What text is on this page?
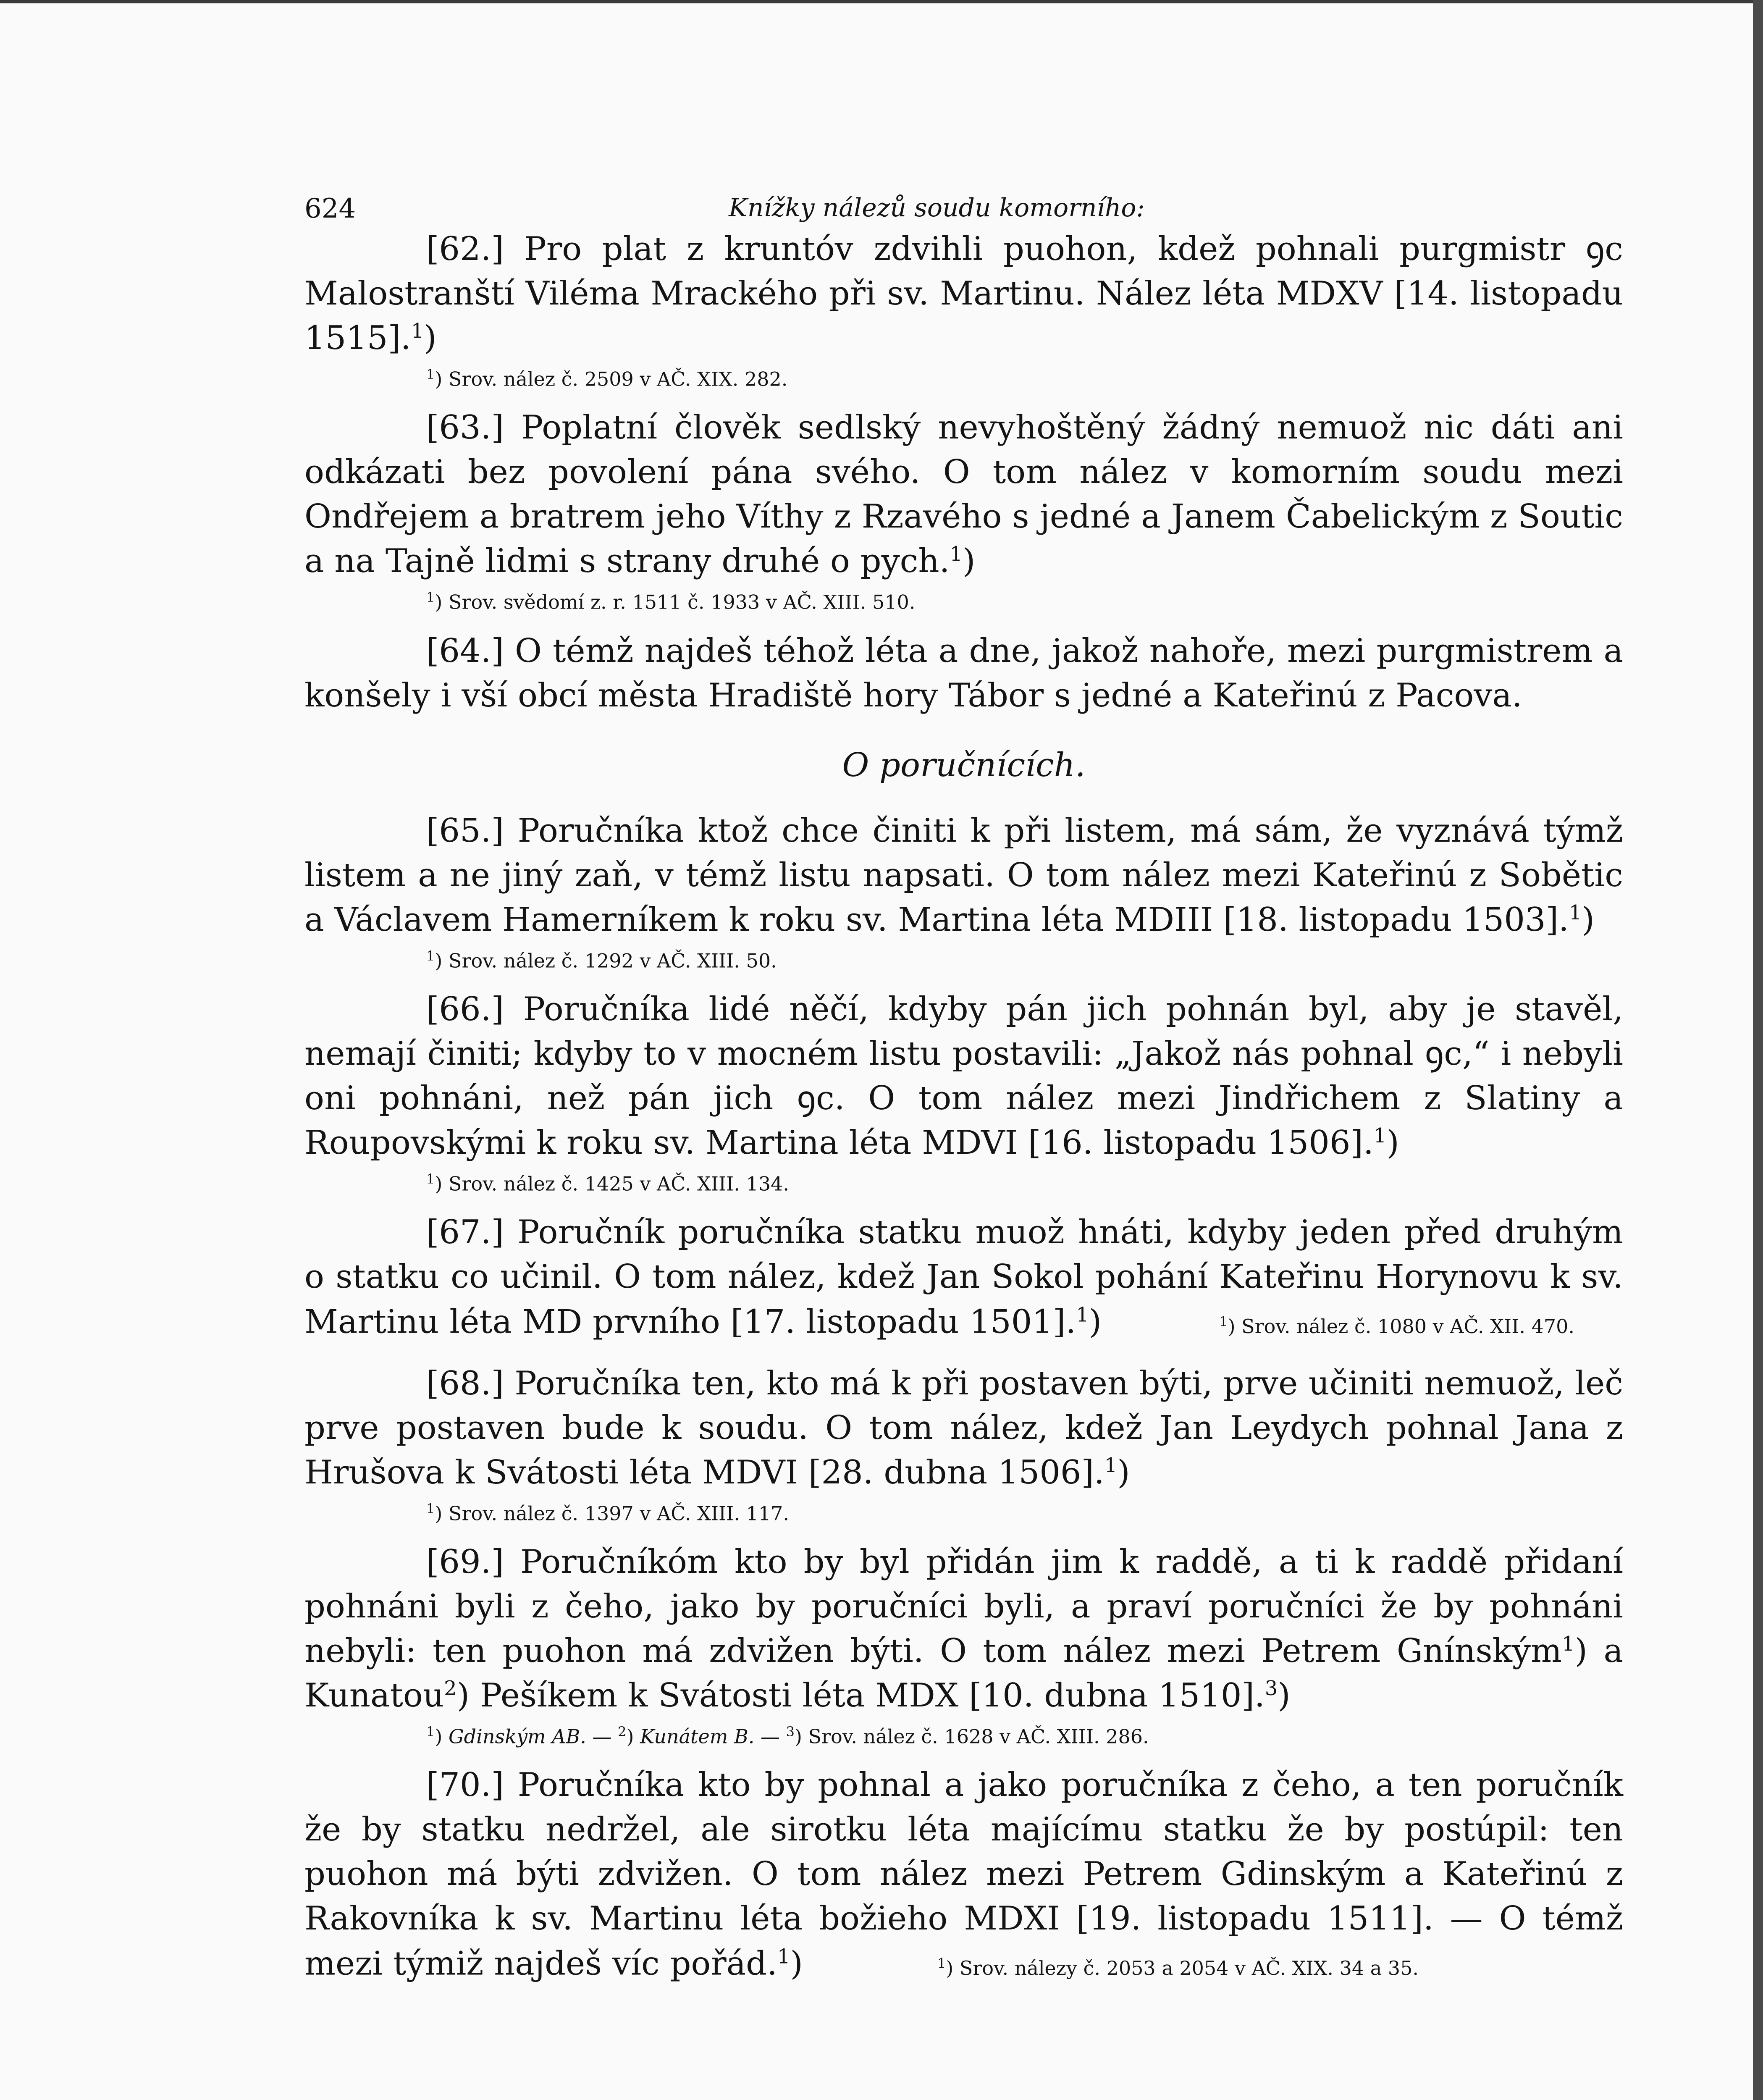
624	Knížky nálezů soudu komorního:

[62.] Pro plat z kruntóv zdvihli puohon, kdež pohnali purgmistr ꝯc Malostranští Viléma Mrackého při sv. Martinu. Nález léta MDXV [14. listopadu 1515].$^1$)

$^1$) Srov. nález č. 2509 v AČ. XIX. 282.

[63.] Poplatní člověk sedlský nevyhoštěný žádný nemuož nic dáti ani odkázati bez povolení pána svého. O tom nález v komorním soudu mezi Ondřejem a bratrem jeho Víthy z Rzavého s jedné a Janem Čabelickým z Soutic a na Tajně lidmi s strany druhé o pych.$^1$)

$^1$) Srov. svědomí z. r. 1511 č. 1933 v AČ. XIII. 510.

[64.] O témž najdeš téhož léta a dne, jakož nahoře, mezi purgmistrem a konšely i vší obcí města Hradiště hory Tábor s jedné a Kateřinú z Pacova.

O poručnících.

[65.] Poručníka ktož chce činiti k při listem, má sám, že vyznává týmž listem a ne jiný zaň, v témž listu napsati. O tom nález mezi Kateřinú z Sobětic a Václavem Hamerníkem k roku sv. Martina léta MDIII [18. listopadu 1503].$^1$)

$^1$) Srov. nález č. 1292 v AČ. XIII. 50.

[66.] Poručníka lidé něčí, kdyby pán jich pohnán byl, aby je stavěl, nemají činiti; kdyby to v mocném listu postavili: „Jakož nás pohnal ꝯc,“ i nebyli oni pohnáni, než pán jich ꝯc. O tom nález mezi Jindřichem z Slatiny a Roupovskými k roku sv. Martina léta MDVI [16. listopadu 1506].$^1$)

$^1$) Srov. nález č. 1425 v AČ. XIII. 134.

[67.] Poručník poručníka statku muož hnáti, kdyby jeden před druhým o statku co učinil. O tom nález, kdež Jan Sokol pohání Kateřinu Horynovu k sv. Martinu léta MD prvního [17. listopadu 1501].$^1$)	$^1$) Srov. nález č. 1080 v AČ. XII. 470.

[68.] Poručníka ten, kto má k při postaven býti, prve učiniti nemuož, leč prve postaven bude k soudu. O tom nález, kdež Jan Leydych pohnal Jana z Hrušova k Svátosti léta MDVI [28. dubna 1506].$^1$)

$^1$) Srov. nález č. 1397 v AČ. XIII. 117.

[69.] Poručníkóm kto by byl přidán jim k raddě, a ti k raddě přidaní pohnáni byli z čeho, jako by poručníci byli, a praví poručníci že by pohnáni nebyli: ten puohon má zdvižen býti. O tom nález mezi Petrem Gnínským$^1$) a Kunatou$^2$) Pešíkem k Svátosti léta MDX [10. dubna 1510].$^3$)

$^1$) Gdinským AB. — $^2$) Kunátem B. — $^3$) Srov. nález č. 1628 v AČ. XIII. 286.

[70.] Poručníka kto by pohnal a jako poručníka z čeho, a ten poručník že by statku nedržel, ale sirotku léta majícímu statku že by postúpil: ten puohon má býti zdvižen. O tom nález mezi Petrem Gdinským a Kateřinú z Rakovníka k sv. Martinu léta božieho MDXI [19. listopadu 1511]. — O témž mezi týmiž najdeš víc pořád.$^1$)	$^1$) Srov. nálezy č. 2053 a 2054 v AČ. XIX. 34 a 35.
